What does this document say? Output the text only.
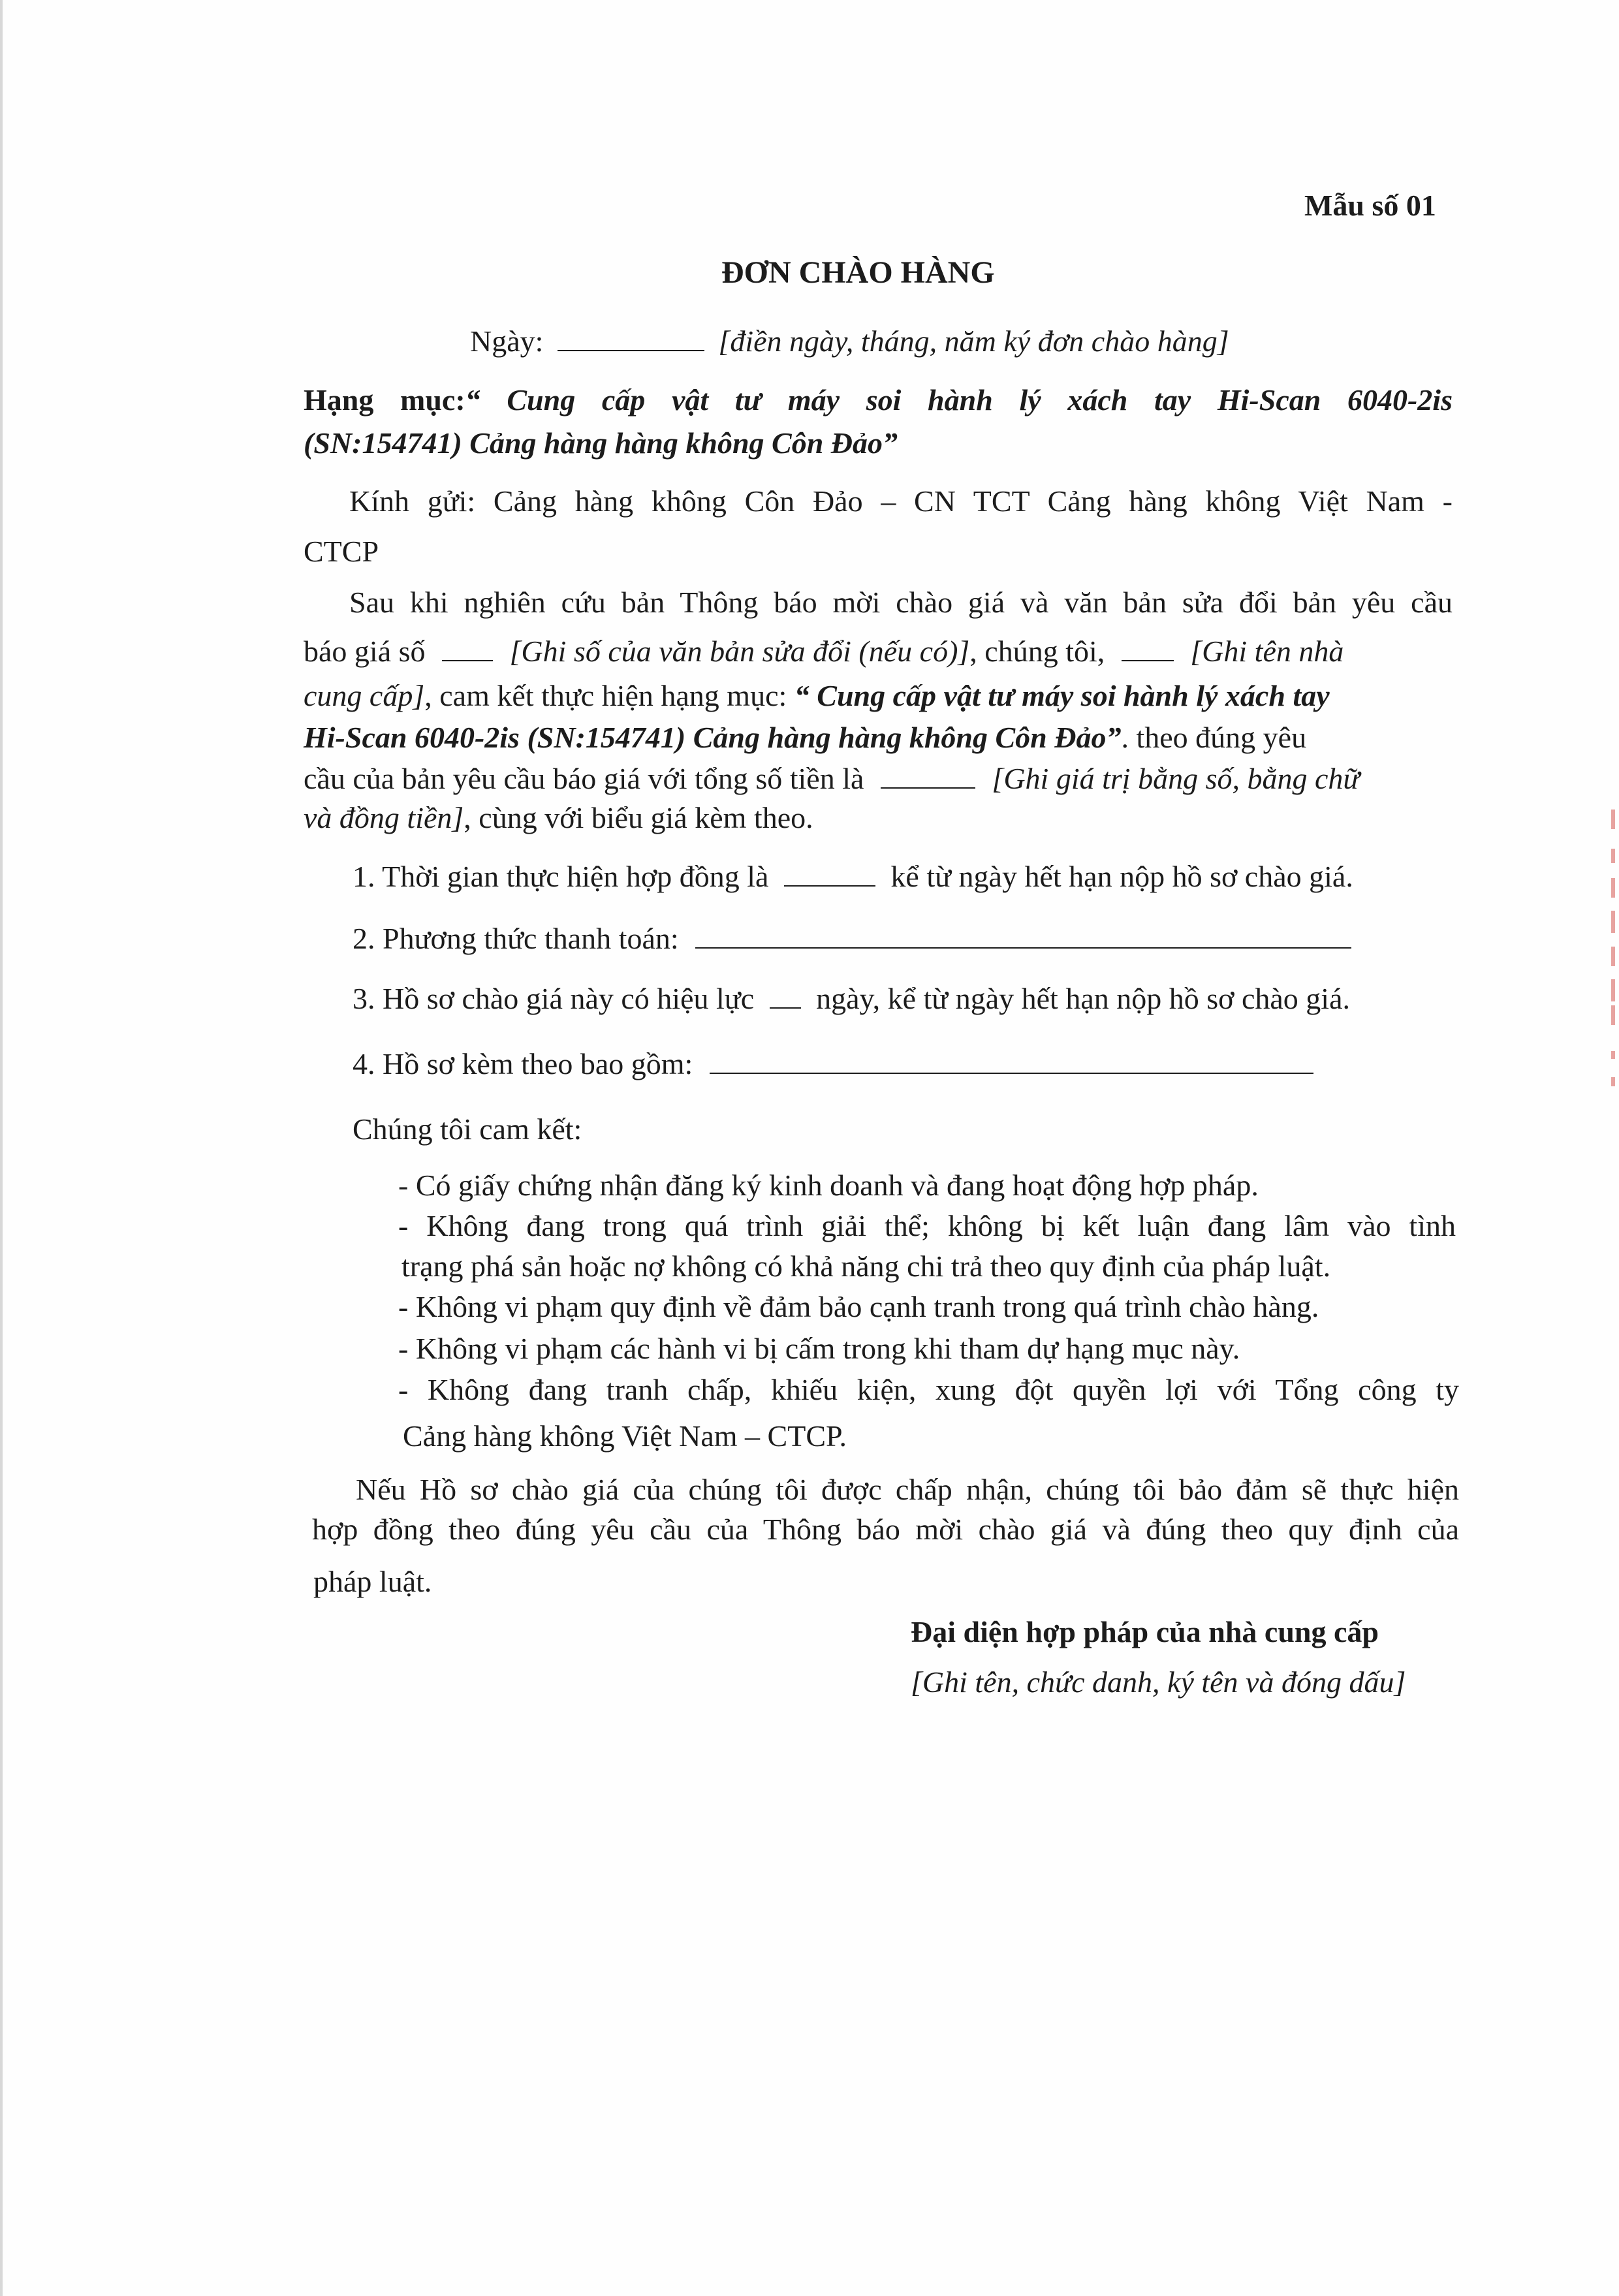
Mẫu số 01
ĐƠN CHÀO HÀNG
Ngày:	[điền ngày, tháng, năm ký đơn chào hàng]
Hạng mục:“ Cung cấp vật tư máy soi hành lý xách tay Hi-Scan 6040-2is
(SN:154741) Cảng hàng hàng không Côn Đảo”
Kính gửi: Cảng hàng không Côn Đảo – CN TCT Cảng hàng không Việt Nam -
CTCP
Sau khi nghiên cứu bản Thông báo mời chào giá và văn bản sửa đổi bản yêu cầu
báo giá số	[Ghi số của văn bản sửa đổi (nếu có)], chúng tôi,	[Ghi tên nhà
cung cấp], cam kết thực hiện hạng mục: “ Cung cấp vật tư máy soi hành lý xách tay
Hi-Scan 6040-2is (SN:154741) Cảng hàng hàng không Côn Đảo”. theo đúng yêu
cầu của bản yêu cầu báo giá với tổng số tiền là	[Ghi giá trị bằng số, bằng chữ
và đồng tiền], cùng với biểu giá kèm theo.
1. Thời gian thực hiện hợp đồng là	kể từ ngày hết hạn nộp hồ sơ chào giá.
2. Phương thức thanh toán:
3. Hồ sơ chào giá này có hiệu lực ngày, kể từ ngày hết hạn nộp hồ sơ chào giá.
4. Hồ sơ kèm theo bao gồm:
Chúng tôi cam kết:
- Có giấy chứng nhận đăng ký kinh doanh và đang hoạt động hợp pháp.
- Không đang trong quá trình giải thể; không bị kết luận đang lâm vào tình
trạng phá sản hoặc nợ không có khả năng chi trả theo quy định của pháp luật.
- Không vi phạm quy định về đảm bảo cạnh tranh trong quá trình chào hàng.
- Không vi phạm các hành vi bị cấm trong khi tham dự hạng mục này.
- Không đang tranh chấp, khiếu kiện, xung đột quyền lợi với Tổng công ty
Cảng hàng không Việt Nam – CTCP.
Nếu Hồ sơ chào giá của chúng tôi được chấp nhận, chúng tôi bảo đảm sẽ thực hiện
hợp đồng theo đúng yêu cầu của Thông báo mời chào giá và đúng theo quy định của
pháp luật.
Đại diện hợp pháp của nhà cung cấp
[Ghi tên, chức danh, ký tên và đóng dấu]
